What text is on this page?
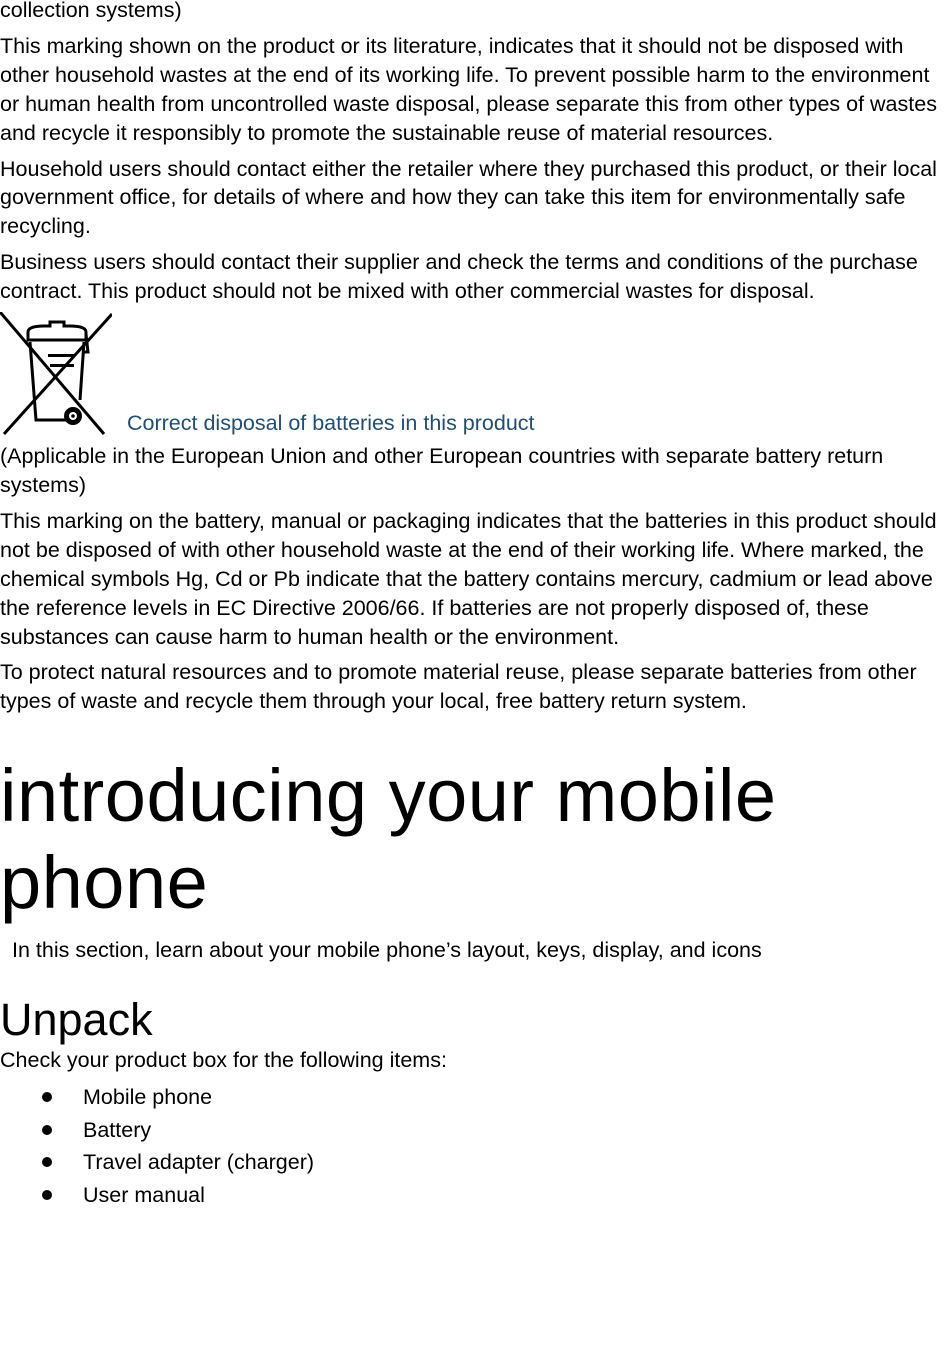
collection systems)

This marking shown on the product or its literature, indicates that it should not be disposed with other household wastes at the end of its working life. To prevent possible harm to the environment or human health from uncontrolled waste disposal, please separate this from other types of wastes and recycle it responsibly to promote the sustainable reuse of material resources.

Household users should contact either the retailer where they purchased this product, or their local government office, for details of where and how they can take this item for environmentally safe recycling.

Business users should contact their supplier and check the terms and conditions of the purchase contract. This product should not be mixed with other commercial wastes for disposal.

Correct disposal of batteries in this product

(Applicable in the European Union and other European countries with separate battery return systems)

This marking on the battery, manual or packaging indicates that the batteries in this product should not be disposed of with other household waste at the end of their working life. Where marked, the chemical symbols Hg, Cd or Pb indicate that the battery contains mercury, cadmium or lead above the reference levels in EC Directive 2006/66. If batteries are not properly disposed of, these substances can cause harm to human health or the environment.

To protect natural resources and to promote material reuse, please separate batteries from other types of waste and recycle them through your local, free battery return system.

introducing your mobile
phone

In this section, learn about your mobile phone’s layout, keys, display, and icons

Unpack

Check your product box for the following items:

Mobile phone
Battery
Travel adapter (charger)
User manual
